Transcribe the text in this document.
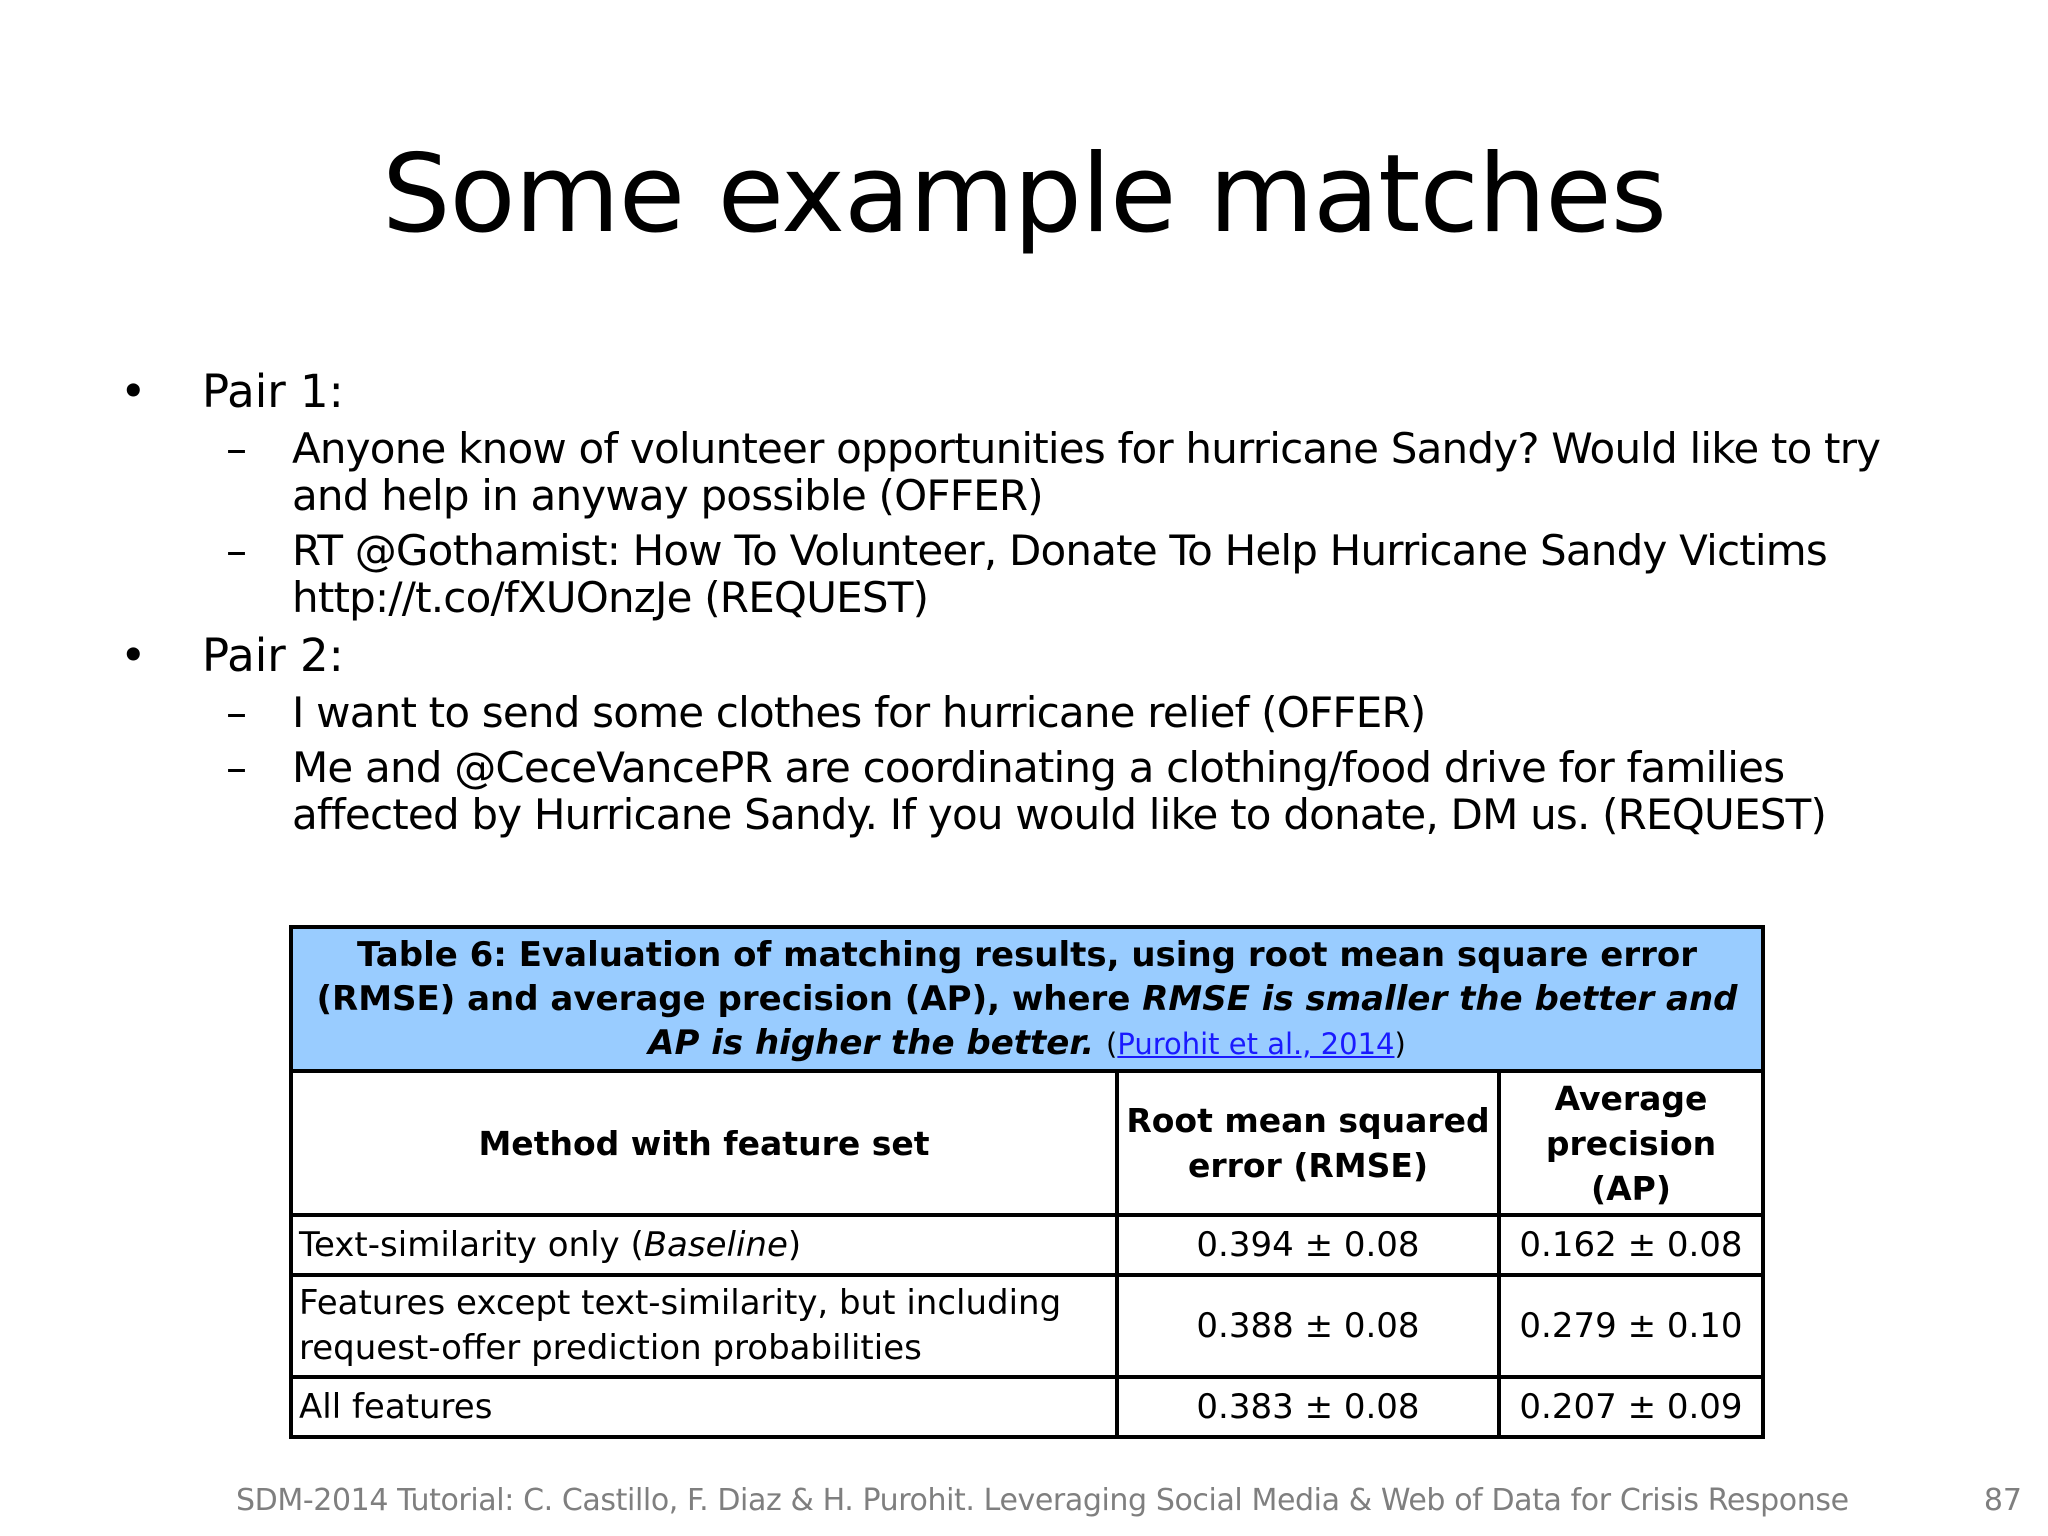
Some example matches
• Pair 1:
– Anyone know of volunteer opportunities for hurricane Sandy? Would like to try and help in anyway possible (OFFER)
– RT @Gothamist: How To Volunteer, Donate To Help Hurricane Sandy Victims http://t.co/fXUOnzJe (REQUEST)
• Pair 2:
– I want to send some clothes for hurricane relief (OFFER)
– Me and @CeceVancePR are coordinating a clothing/food drive for families affected by Hurricane Sandy. If you would like to donate, DM us. (REQUEST)
Table 6: Evaluation of matching results, using root mean square error (RMSE) and average precision (AP), where RMSE is smaller the better and AP is higher the better. (Purohit et al., 2014)		
Method with feature set	Root mean squared error (RMSE)	Average precision (AP)
Text-similarity only (Baseline)	0.394 ± 0.08	0.162 ± 0.08
Features except text-similarity, but including request-offer prediction probabilities	0.388 ± 0.08	0.279 ± 0.10
All features	0.383 ± 0.08	0.207 ± 0.09
SDM-2014 Tutorial: C. Castillo, F. Diaz & H. Purohit. Leveraging Social Media & Web of Data for Crisis Response	87
